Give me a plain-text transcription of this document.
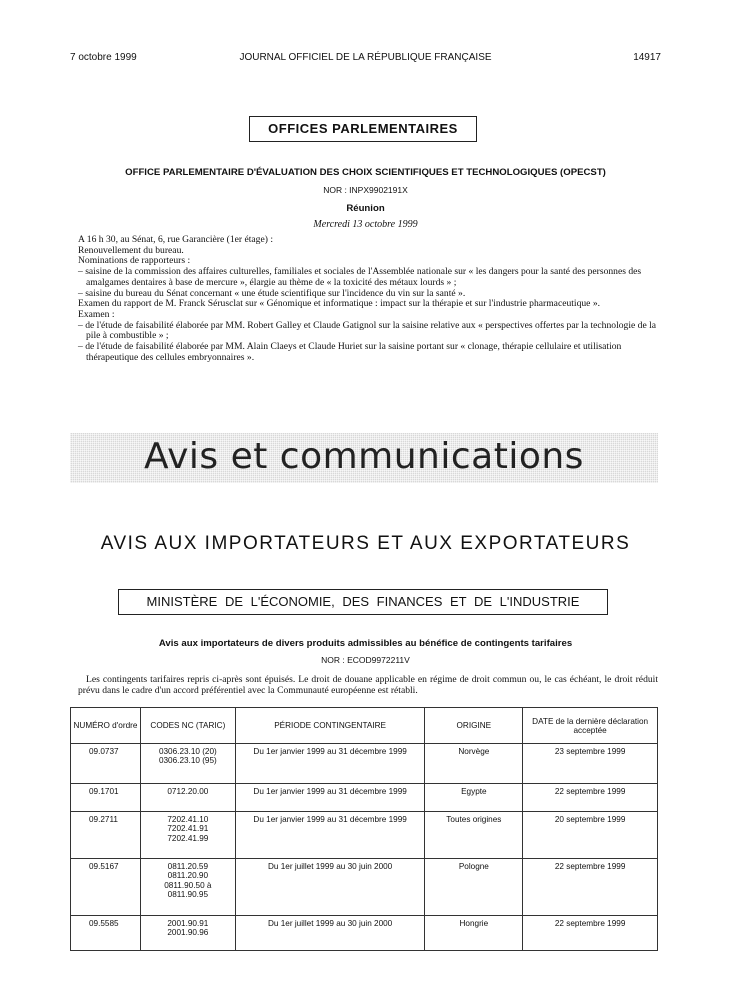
7 octobre 1999	JOURNAL OFFICIEL DE LA RÉPUBLIQUE FRANÇAISE	14917
OFFICES PARLEMENTAIRES
OFFICE PARLEMENTAIRE D'ÉVALUATION DES CHOIX SCIENTIFIQUES ET TECHNOLOGIQUES (OPECST)
NOR : INPX9902191X
Réunion
Mercredi 13 octobre 1999

A 16 h 30, au Sénat, 6, rue Garancière (1er étage) :

Renouvellement du bureau.

Nominations de rapporteurs :

– saisine de la commission des affaires culturelles, familiales et sociales de l'Assemblée nationale sur « les dangers pour la santé des personnes des amalgames dentaires à base de mercure », élargie au thème de « la toxicité des métaux lourds » ;

– saisine du bureau du Sénat concernant « une étude scientifique sur l'incidence du vin sur la santé ».

Examen du rapport de M. Franck Sérusclat sur « Génomique et informatique : impact sur la thérapie et sur l'industrie pharmaceutique ».

Examen :

– de l'étude de faisabilité élaborée par MM. Robert Galley et Claude Gatignol sur la saisine relative aux « perspectives offertes par la technologie de la pile à combustible » ;

– de l'étude de faisabilité élaborée par MM. Alain Claeys et Claude Huriet sur la saisine portant sur « clonage, thérapie cellulaire et utilisation thérapeutique des cellules embryonnaires ».

Avis et communications
AVIS AUX IMPORTATEURS ET AUX EXPORTATEURS
MINISTÈRE DE L'ÉCONOMIE, DES FINANCES ET DE L'INDUSTRIE
Avis aux importateurs de divers produits admissibles au bénéfice de contingents tarifaires
NOR : ECOD9972211V
Les contingents tarifaires repris ci-après sont épuisés. Le droit de douane applicable en régime de droit commun ou, le cas échéant, le droit réduit prévu dans le cadre d'un accord préférentiel avec la Communauté européenne est rétabli.
NUMÉRO d'ordre	CODES NC (TARIC)	PÉRIODE CONTINGENTAIRE	ORIGINE	DATE de la dernière déclaration acceptée
09.0737	0306.23.10 (20)
0306.23.10 (95)	Du 1er janvier 1999 au 31 décembre 1999	Norvège	23 septembre 1999
09.1701	0712.20.00	Du 1er janvier 1999 au 31 décembre 1999	Egypte	22 septembre 1999
09.2711	7202.41.10
7202.41.91
7202.41.99	Du 1er janvier 1999 au 31 décembre 1999	Toutes origines	20 septembre 1999
09.5167	0811.20.59
0811.20.90
0811.90.50 à
0811.90.95	Du 1er juillet 1999 au 30 juin 2000	Pologne	22 septembre 1999
09.5585	2001.90.91
2001.90.96	Du 1er juillet 1999 au 30 juin 2000	Hongrie	22 septembre 1999
